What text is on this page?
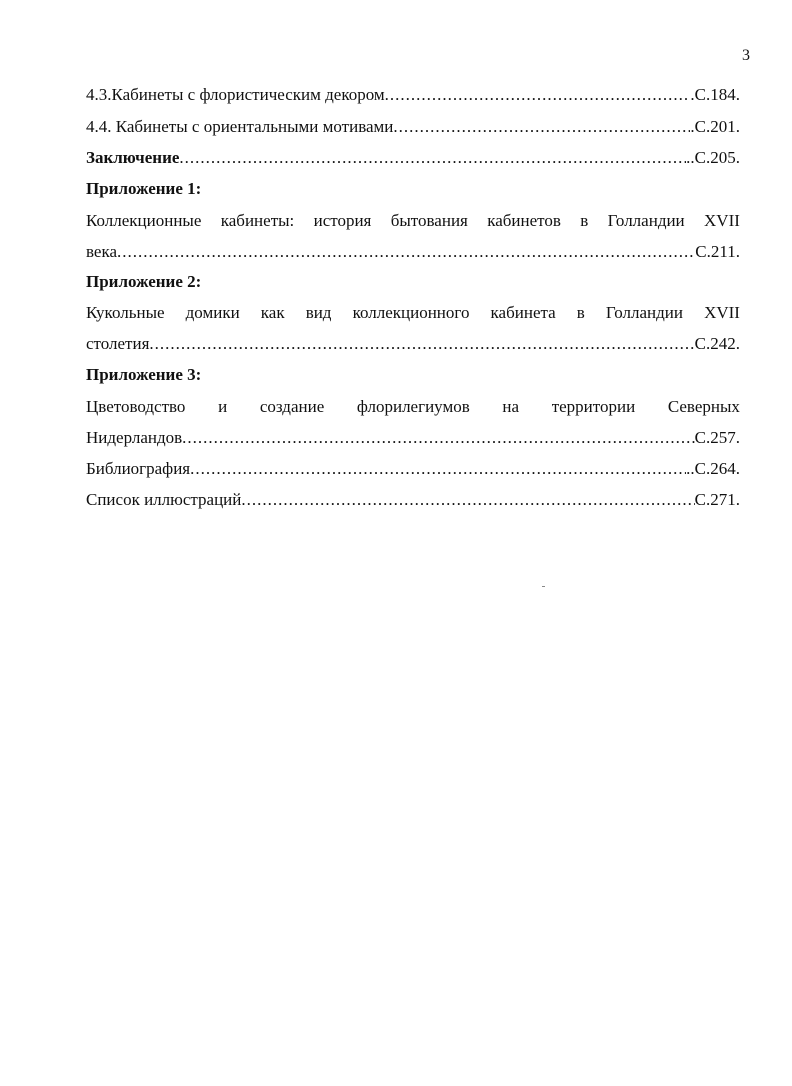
3
4.3.Кабинеты с флористическим декором .....	.С.184.
4.4. Кабинеты с ориентальными мотивами .....	.С.201.
Заключение .....	..С.205.
Приложение 1:
Коллекционные кабинеты: история бытования кабинетов в Голландии XVII
века .....	С.211.
Приложение 2:
Кукольные домики как вид коллекционного кабинета в Голландии XVII
столетия .....	С.242.
Приложение 3:
Цветоводство и создание флорилегиумов на территории Северных
Нидерландов .....	С.257.
Библиография .....	..С.264.
Список иллюстраций .....	С.271.
